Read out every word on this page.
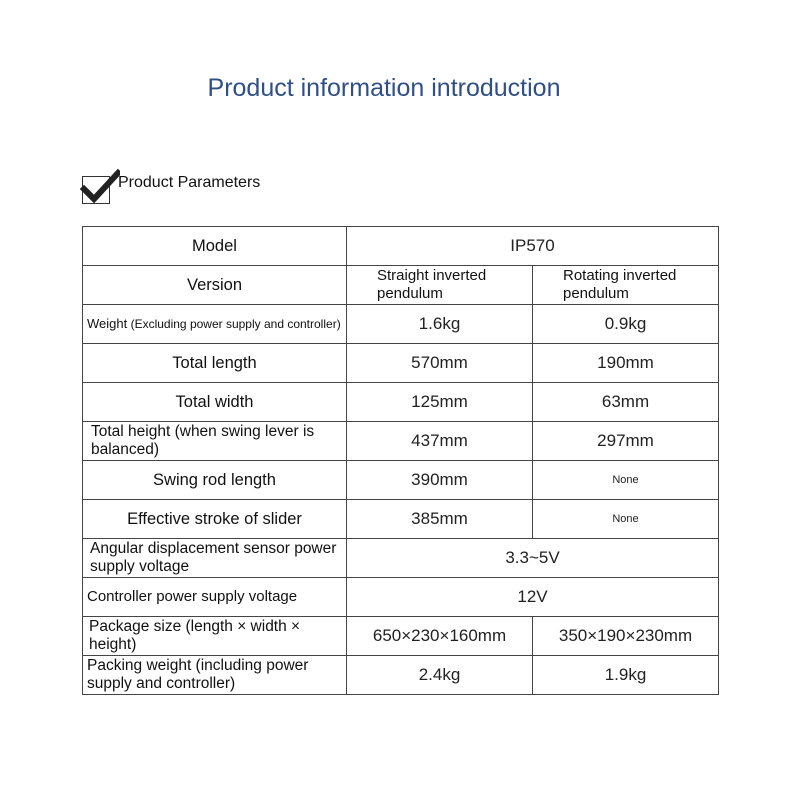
Product information introduction
Product Parameters
Model	IP570	
Version	Straight inverted pendulum	Rotating inverted pendulum
Weight (Excluding power supply and controller)	1.6kg	0.9kg
Total length	570mm	190mm
Total width	125mm	63mm
Total height (when swing lever is balanced)	437mm	297mm
Swing rod length	390mm	None
Effective stroke of slider	385mm	None
Angular displacement sensor power supply voltage	3.3~5V	
Controller power supply voltage	12V	
Package size (length × width × height)	650×230×160mm	350×190×230mm
Packing weight (including power supply and controller)	2.4kg	1.9kg
